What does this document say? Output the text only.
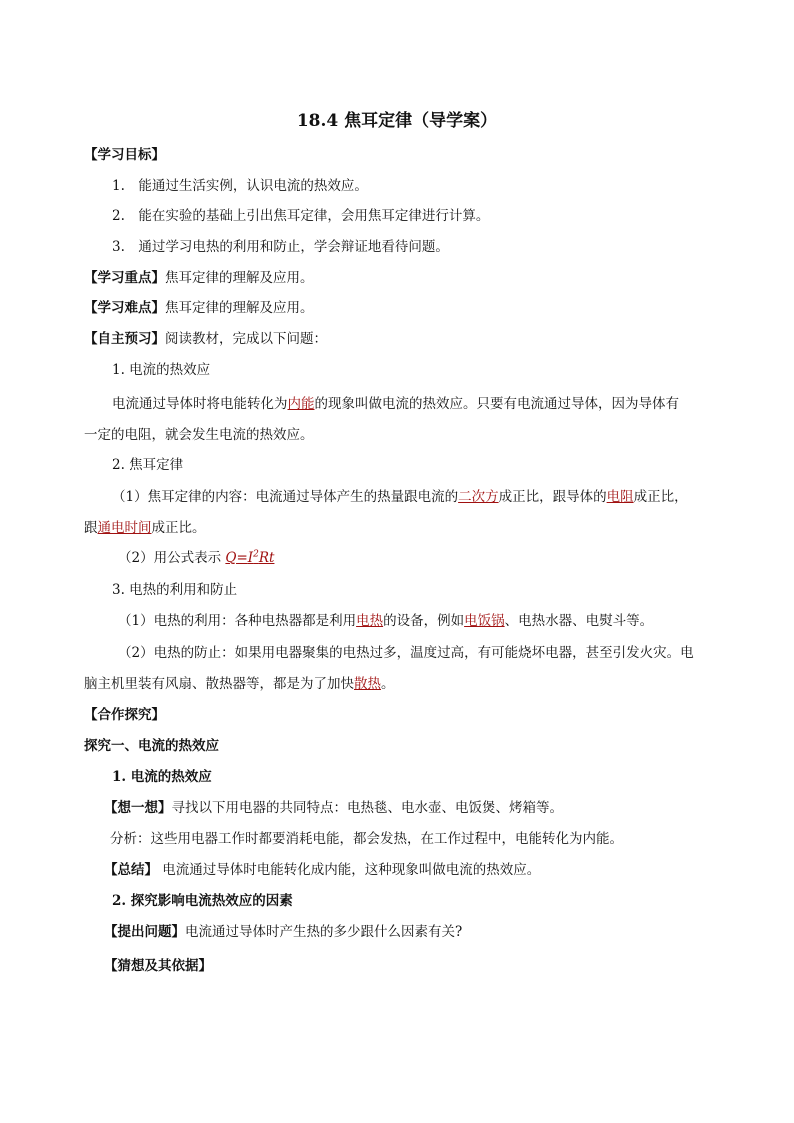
18.4 焦耳定律（导学案）
【学习目标】
1.　能通过生活实例，认识电流的热效应。
2.　能在实验的基础上引出焦耳定律，会用焦耳定律进行计算。
3.　通过学习电热的利用和防止，学会辩证地看待问题。
【学习重点】焦耳定律的理解及应用。
【学习难点】焦耳定律的理解及应用。
【自主预习】阅读教材，完成以下问题：
1. 电流的热效应
电流通过导体时将电能转化为内能的现象叫做电流的热效应。只要有电流通过导体，因为导体有
一定的电阻，就会发生电流的热效应。
2. 焦耳定律
（1）焦耳定律的内容：电流通过导体产生的热量跟电流的二次方成正比，跟导体的电阻成正比，
跟通电时间成正比。
（2）用公式表示 $Q=I^2Rt$
3. 电热的利用和防止
（1）电热的利用：各种电热器都是利用电热的设备，例如电饭锅、电热水器、电熨斗等。
（2）电热的防止：如果用电器聚集的电热过多，温度过高，有可能烧坏电器，甚至引发火灾。电
脑主机里装有风扇、散热器等，都是为了加快散热。
【合作探究】
探究一、电流的热效应
1. 电流的热效应
【想一想】寻找以下用电器的共同特点：电热毯、电水壶、电饭煲、烤箱等。
分析：这些用电器工作时都要消耗电能，都会发热，在工作过程中，电能转化为内能。
【总结】 电流通过导体时电能转化成内能，这种现象叫做电流的热效应。
2. 探究影响电流热效应的因素
【提出问题】电流通过导体时产生热的多少跟什么因素有关?
【猜想及其依据】
